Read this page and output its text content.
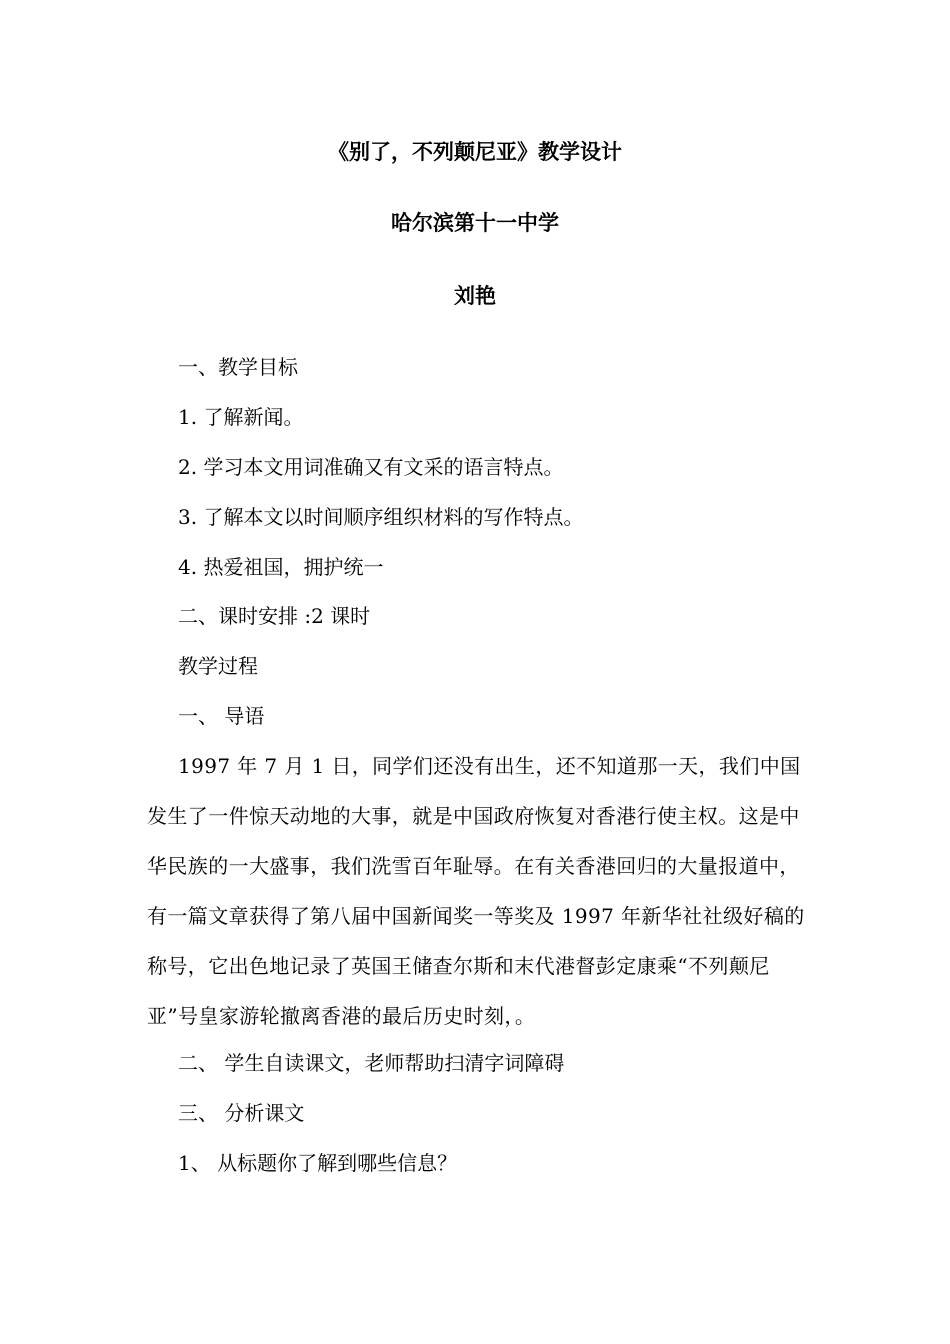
《别了，不列颠尼亚》教学设计
哈尔滨第十一中学
刘艳
一、教学目标
1. 了解新闻。
2. 学习本文用词准确又有文采的语言特点。
3. 了解本文以时间顺序组织材料的写作特点。
4. 热爱祖国，拥护统一
二、课时安排 :2 课时
教学过程
一、 导语

1997 年 7 月 1 日，同学们还没有出生，还不知道那一天，我们中国发生了一件惊天动地的大事，就是中国政府恢复对香港行使主权。这是中华民族的一大盛事，我们洗雪百年耻辱。在有关香港回归的大量报道中，有一篇文章获得了第八届中国新闻奖一等奖及 1997 年新华社社级好稿的称号，它出色地记录了英国王储查尔斯和末代港督彭定康乘“不列颠尼亚”号皇家游轮撤离香港的最后历史时刻，。

二、 学生自读课文，老师帮助扫清字词障碍
三、 分析课文
1、 从标题你了解到哪些信息？
